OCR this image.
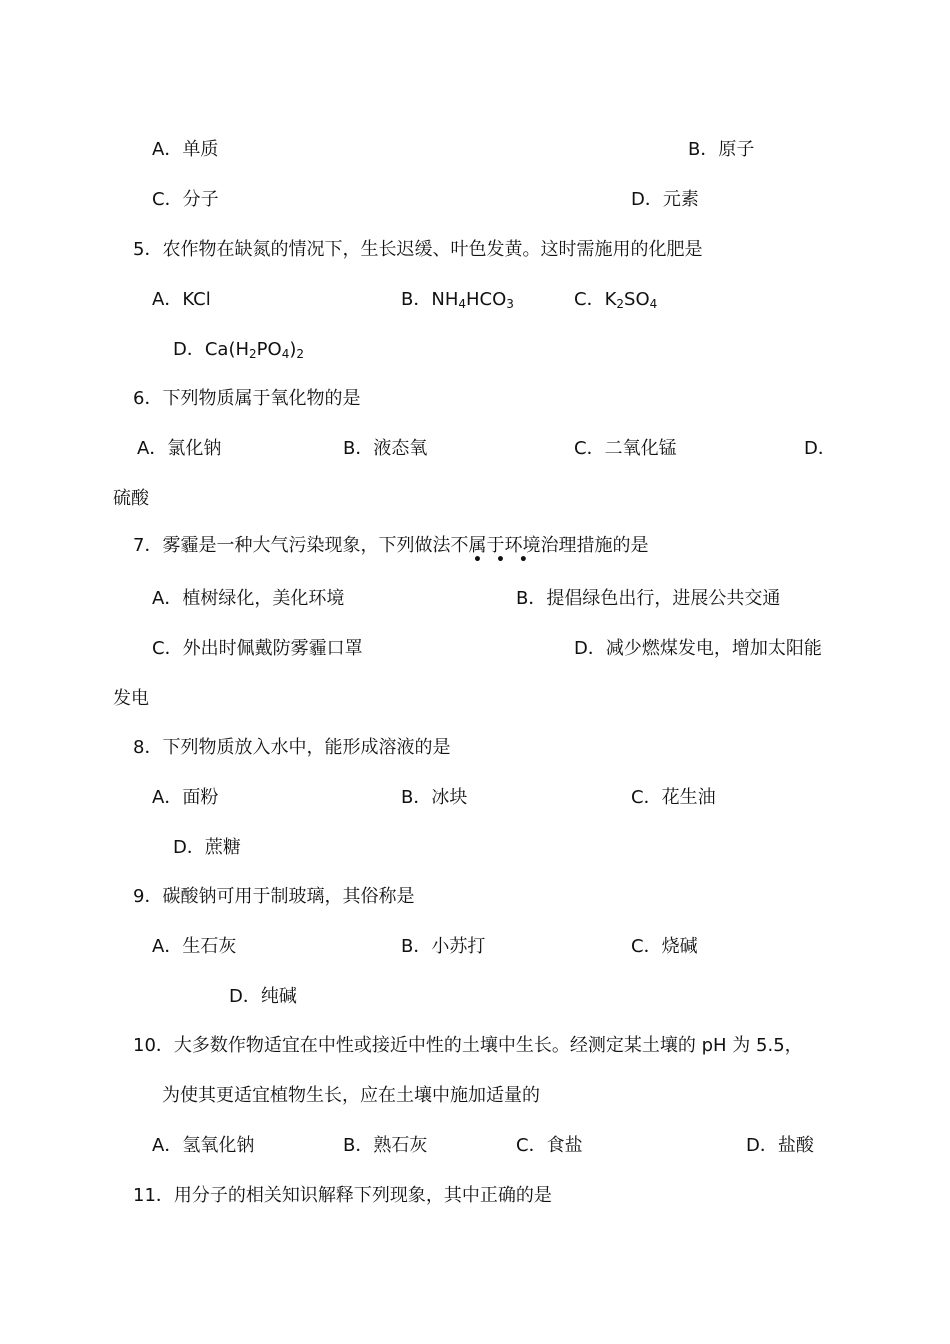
A．单质	B．原子
C．分子	D．元素
5．农作物在缺氮的情况下，生长迟缓、叶色发黄。这时需施用的化肥是
A．KCl	B．$NH_4HCO_3$	C．$K_2SO_4$
D．$Ca(H_2PO_4)_2$
6．下列物质属于氧化物的是
A．氯化钠	B．液态氧	C．二氧化锰	D．
硫酸
7．雾霾是一种大气污染现象，下列做法不属于环境治理措施的是
•••
A．植树绿化，美化环境	B．提倡绿色出行，进展公共交通
C．外出时佩戴防雾霾口罩	D．减少燃煤发电，增加太阳能
发电
8．下列物质放入水中，能形成溶液的是
A．面粉	B．冰块	C．花生油
D．蔗糖
9．碳酸钠可用于制玻璃，其俗称是
A．生石灰	B．小苏打	C．烧碱
D．纯碱
10．大多数作物适宜在中性或接近中性的土壤中生长。经测定某土壤的 pH 为 5.5，
为使其更适宜植物生长，应在土壤中施加适量的
A．氢氧化钠	B．熟石灰	C．食盐	D．盐酸
11．用分子的相关知识解释下列现象，其中正确的是
